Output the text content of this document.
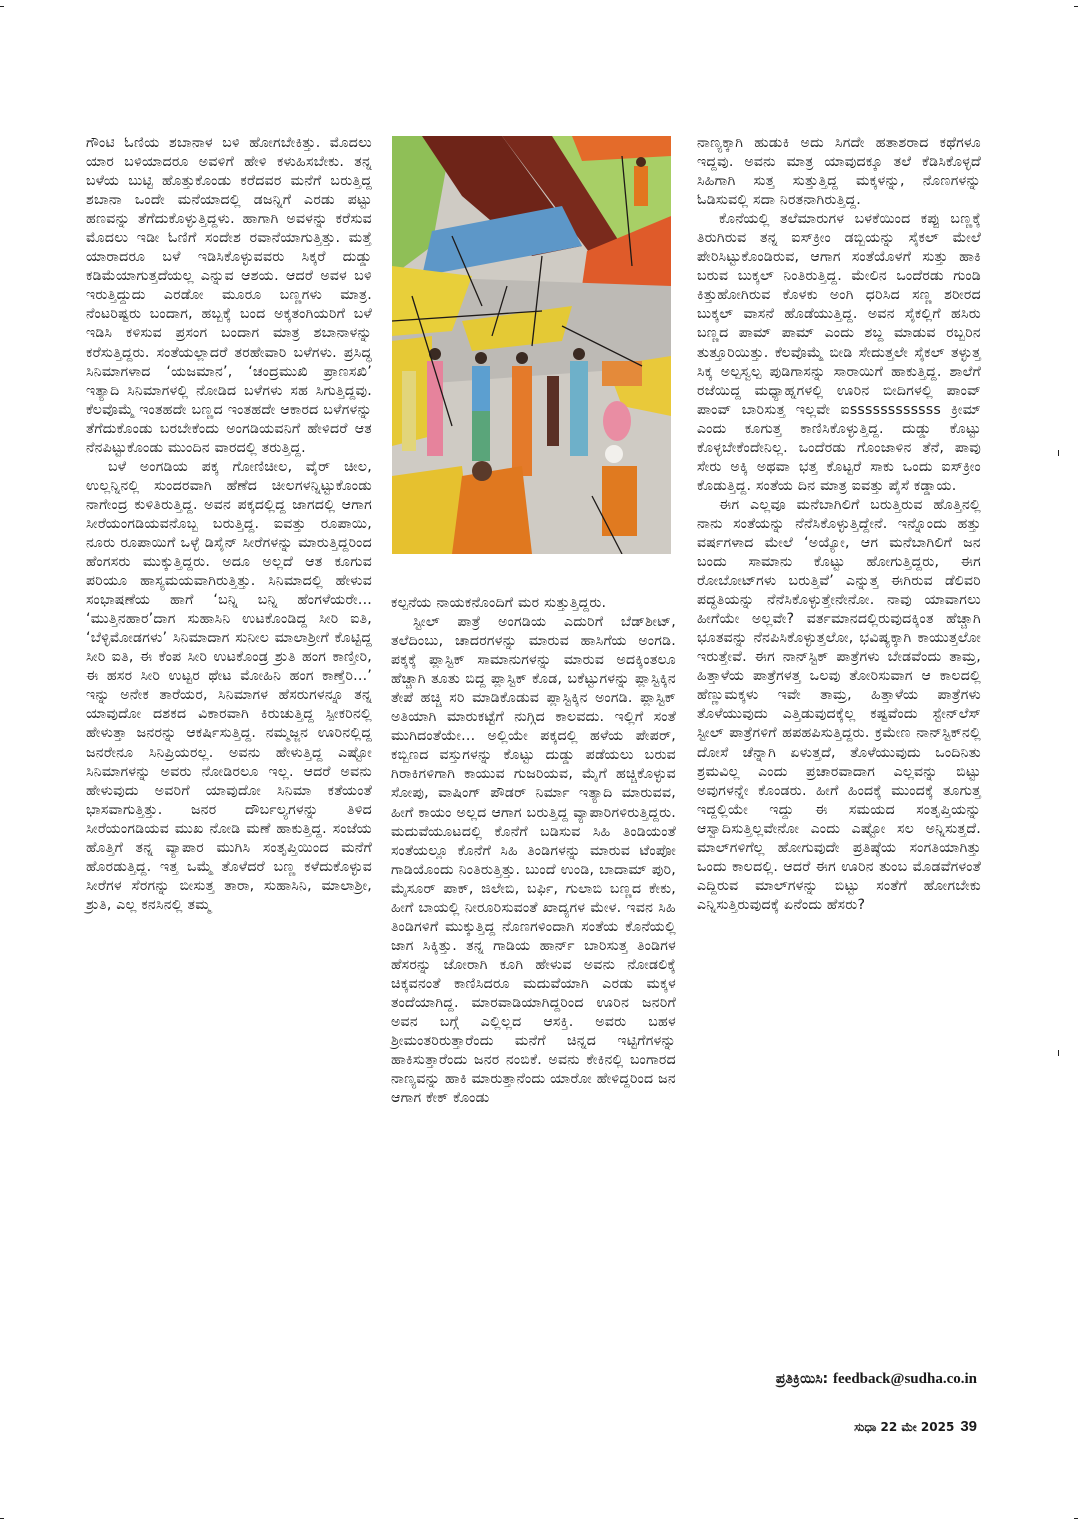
ಗೌಂಟಿ ಓಣಿಯ ಶಬಾನಾಳ ಬಳಿ ಹೋಗಬೇಕಿತ್ತು. ಮೊದಲು ಯಾರ ಬಳಿಯಾದರೂ ಅವಳಿಗೆ ಹೇಳಿ ಕಳುಹಿಸಬೇಕು. ತನ್ನ ಬಳೆಯ ಬುಟ್ಟಿ ಹೊತ್ತುಕೊಂಡು ಕರೆದವರ ಮನೆಗೆ ಬರುತ್ತಿದ್ದ ಶಬಾನಾ ಒಂದೇ ಮನೆಯಾದಲ್ಲಿ ಡಜನ್ನಿಗೆ ಎರಡು ಪಟ್ಟು ಹಣವನ್ನು ತೆಗೆದುಕೊಳ್ಳುತ್ತಿದ್ದಳು. ಹಾಗಾಗಿ ಅವಳನ್ನು ಕರೆಸುವ ಮೊದಲು ಇಡೀ ಓಣಿಗೆ ಸಂದೇಶ ರವಾನೆಯಾಗುತ್ತಿತ್ತು. ಮತ್ತೆ ಯಾರಾದರೂ ಬಳೆ ಇಡಿಸಿಕೊಳ್ಳುವವರು ಸಿಕ್ಕರೆ ದುಡ್ಡು ಕಡಿಮೆಯಾಗುತ್ತದೆಯಲ್ಲ ಎನ್ನುವ ಆಶಯ. ಆದರೆ ಅವಳ ಬಳಿ ಇರುತ್ತಿದ್ದುದು ಎರಡೋ ಮೂರೂ ಬಣ್ಣಗಳು ಮಾತ್ರ. ನೆಂಟರಿಷ್ಟರು ಬಂದಾಗ, ಹಬ್ಬಕ್ಕೆ ಬಂದ ಅಕ್ಕತಂಗಿಯರಿಗೆ ಬಳೆ ಇಡಿಸಿ ಕಳಿಸುವ ಪ್ರಸಂಗ ಬಂದಾಗ ಮಾತ್ರ ಶಬಾನಾಳನ್ನು ಕರೆಸುತ್ತಿದ್ದರು. ಸಂತೆಯಲ್ಲಾದರೆ ತರಹೇವಾರಿ ಬಳೆಗಳು. ಪ್ರಸಿದ್ಧ ಸಿನಿಮಾಗಳಾದ ‘ಯಜಮಾನ’, ‘ಚಂದ್ರಮುಖಿ ಪ್ರಾಣಸಖಿ’ ಇತ್ಯಾದಿ ಸಿನಿಮಾಗಳಲ್ಲಿ ನೋಡಿದ ಬಳೆಗಳು ಸಹ ಸಿಗುತ್ತಿದ್ದವು. ಕೆಲವೊಮ್ಮೆ ಇಂತಹದೇ ಬಣ್ಣದ ಇಂತಹದೇ ಆಕಾರದ ಬಳೆಗಳನ್ನು ತೆಗೆದುಕೊಂಡು ಬರಬೇಕೆಂದು ಅಂಗಡಿಯವನಿಗೆ ಹೇಳಿದರೆ ಆತ ನೆನಪಿಟ್ಟುಕೊಂಡು ಮುಂದಿನ ವಾರದಲ್ಲಿ ತರುತ್ತಿದ್ದ.

ಬಳೆ ಅಂಗಡಿಯ ಪಕ್ಕ ಗೋಣಿಚೀಲ, ವೈರ್ ಚೀಲ, ಉಲ್ಲನ್ನಿನಲ್ಲಿ ಸುಂದರವಾಗಿ ಹೆಣೆದ ಚೀಲಗಳನ್ನಿಟ್ಟುಕೊಂಡು ನಾಗೇಂದ್ರ ಕುಳಿತಿರುತ್ತಿದ್ದ. ಅವನ ಪಕ್ಕದಲ್ಲಿದ್ದ ಜಾಗದಲ್ಲಿ ಆಗಾಗ ಸೀರೆಯಂಗಡಿಯವನೊಬ್ಬ ಬರುತ್ತಿದ್ದ. ಐವತ್ತು ರೂಪಾಯಿ, ನೂರು ರೂಪಾಯಿಗೆ ಒಳ್ಳೆ ಡಿಸೈನ್ ಸೀರೆಗಳನ್ನು ಮಾರುತ್ತಿದ್ದರಿಂದ ಹೆಂಗಸರು ಮುಕ್ಕುತ್ತಿದ್ದರು. ಅದೂ ಅಲ್ಲದೆ ಆತ ಕೂಗುವ ಪರಿಯೂ ಹಾಸ್ಯಮಯವಾಗಿರುತ್ತಿತ್ತು. ಸಿನಿಮಾದಲ್ಲಿ ಹೇಳುವ ಸಂಭಾಷಣೆಯ ಹಾಗೆ ‘ಬನ್ನಿ ಬನ್ನಿ ಹೆಂಗಳೆಯರೇ... ‘ಮುತ್ತಿನಹಾರ’ದಾಗ ಸುಹಾಸಿನಿ ಉಟಕೊಂಡಿದ್ದ ಸೀರಿ ಐತಿ, ‘ಬೆಳ್ಳಿಮೋಡಗಳು’ ಸಿನಿಮಾದಾಗ ಸುನೀಲ ಮಾಲಾಶ್ರೀಗೆ ಕೊಟ್ಟಿದ್ದ ಸೀರಿ ಐತಿ, ಈ ಕೆಂಪ ಸೀರಿ ಉಟಕೊಂಡ್ರ ಶ್ರುತಿ ಹಂಗ ಕಾಣ್ತೀರಿ, ಈ ಹಸರ ಸೀರಿ ಉಟ್ಟರ ಥೇಟ ಮೋಹಿನಿ ಹಂಗ ಕಾಣ್ತೆರಿ...’ ಇನ್ನು ಅನೇಕ ತಾರೆಯರ, ಸಿನಿಮಾಗಳ ಹೆಸರುಗಳನ್ನೂ ತನ್ನ ಯಾವುದೋ ದಶಕದ ವಿಕಾರವಾಗಿ ಕಿರುಚುತ್ತಿದ್ದ ಸ್ಪೀಕರಿನಲ್ಲಿ ಹೇಳುತ್ತಾ ಜನರನ್ನು ಆಕರ್ಷಿಸುತ್ತಿದ್ದ. ನಮ್ಮಜ್ಜನ ಊರಿನಲ್ಲಿದ್ದ ಜನರೇನೂ ಸಿನಿಪ್ರಿಯರಲ್ಲ. ಅವನು ಹೇಳುತ್ತಿದ್ದ ಎಷ್ಟೋ ಸಿನಿಮಾಗಳನ್ನು ಅವರು ನೋಡಿರಲೂ ಇಲ್ಲ. ಆದರೆ ಅವನು ಹೇಳುವುದು ಅವರಿಗೆ ಯಾವುದೋ ಸಿನಿಮಾ ಕತೆಯಂತೆ ಭಾಸವಾಗುತ್ತಿತ್ತು. ಜನರ ದೌರ್ಬಲ್ಯಗಳನ್ನು ತಿಳಿದ ಸೀರೆಯಂಗಡಿಯವ ಮುಖ ನೋಡಿ ಮಣೆ ಹಾಕುತ್ತಿದ್ದ. ಸಂಜೆಯ ಹೊತ್ತಿಗೆ ತನ್ನ ವ್ಯಾಪಾರ ಮುಗಿಸಿ ಸಂತೃಪ್ತಿಯಿಂದ ಮನೆಗೆ ಹೊರಡುತ್ತಿದ್ದ. ಇತ್ತ ಒಮ್ಮೆ ತೊಳೆದರೆ ಬಣ್ಣ ಕಳೆದುಕೊಳ್ಳುವ ಸೀರೆಗಳ ಸೆರಗನ್ನು ಬೀಸುತ್ತ ತಾರಾ, ಸುಹಾಸಿನಿ, ಮಾಲಾಶ್ರೀ, ಶ್ರುತಿ, ಎಲ್ಲ ಕನಸಿನಲ್ಲಿ ತಮ್ಮ

ಕಲ್ಪನೆಯ ನಾಯಕನೊಂದಿಗೆ ಮರ ಸುತ್ತುತ್ತಿದ್ದರು.

ಸ್ಟೀಲ್ ಪಾತ್ರೆ ಅಂಗಡಿಯ ಎದುರಿಗೆ ಬೆಡ್‌ಶೀಟ್, ತಲೆದಿಂಬು, ಚಾದರಗಳನ್ನು ಮಾರುವ ಹಾಸಿಗೆಯ ಅಂಗಡಿ. ಪಕ್ಕಕ್ಕೆ ಪ್ಲಾಸ್ಟಿಕ್ ಸಾಮಾನುಗಳನ್ನು ಮಾರುವ ಅದಕ್ಕಿಂತಲೂ ಹೆಚ್ಚಾಗಿ ತೂತು ಬಿದ್ದ ಪ್ಲಾಸ್ಟಿಕ್ ಕೊಡ, ಬಕೆಟ್ಟುಗಳನ್ನು ಪ್ಲಾಸ್ಟಿಕ್ಕಿನ ತೇಪೆ ಹಚ್ಚಿ ಸರಿ ಮಾಡಿಕೊಡುವ ಪ್ಲಾಸ್ಟಿಕ್ಕಿನ ಅಂಗಡಿ. ಪ್ಲಾಸ್ಟಿಕ್ ಅತಿಯಾಗಿ ಮಾರುಕಟ್ಟೆಗೆ ನುಗ್ಗಿದ ಕಾಲವದು. ಇಲ್ಲಿಗೆ ಸಂತೆ ಮುಗಿದಂತೆಯೇ... ಅಲ್ಲಿಯೇ ಪಕ್ಕದಲ್ಲಿ ಹಳೆಯ ಪೇಪರ್, ಕಬ್ಬಿಣದ ವಸ್ತುಗಳನ್ನು ಕೊಟ್ಟು ದುಡ್ಡು ಪಡೆಯಲು ಬರುವ ಗಿರಾಕಿಗಳಿಗಾಗಿ ಕಾಯುವ ಗುಜರಿಯವ, ಮೈಗೆ ಹಚ್ಚಿಕೊಳ್ಳುವ ಸೋಪು, ವಾಷಿಂಗ್ ಪೌಡರ್ ನಿರ್ಮಾ ಇತ್ಯಾದಿ ಮಾರುವವ, ಹೀಗೆ ಕಾಯಂ ಅಲ್ಲದ ಆಗಾಗ ಬರುತ್ತಿದ್ದ ವ್ಯಾಪಾರಿಗಳಿರುತ್ತಿದ್ದರು. ಮದುವೆಯೂಟದಲ್ಲಿ ಕೊನೆಗೆ ಬಡಿಸುವ ಸಿಹಿ ತಿಂಡಿಯಂತೆ ಸಂತೆಯಲ್ಲೂ ಕೊನೆಗೆ ಸಿಹಿ ತಿಂಡಿಗಳನ್ನು ಮಾರುವ ಟೆಂಪೋ ಗಾಡಿಯೊಂದು ನಿಂತಿರುತ್ತಿತ್ತು. ಬುಂದೆ ಉಂಡಿ, ಬಾದಾಮ್ ಪುರಿ, ಮೈಸೂರ್ ಪಾಕ್, ಜಿಲೇಬಿ, ಬರ್ಫಿ, ಗುಲಾಬಿ ಬಣ್ಣದ ಕೇಕು, ಹೀಗೆ ಬಾಯಲ್ಲಿ ನೀರೂರಿಸುವಂತೆ ಖಾದ್ಯಗಳ ಮೇಳ. ಇವನ ಸಿಹಿ ತಿಂಡಿಗಳಿಗೆ ಮುಕ್ಕುತ್ತಿದ್ದ ನೊಣಗಳಿಂದಾಗಿ ಸಂತೆಯ ಕೊನೆಯಲ್ಲಿ ಜಾಗ ಸಿಕ್ಕಿತ್ತು. ತನ್ನ ಗಾಡಿಯ ಹಾರ್ನ್ ಬಾರಿಸುತ್ತ ತಿಂಡಿಗಳ ಹೆಸರನ್ನು ಜೋರಾಗಿ ಕೂಗಿ ಹೇಳುವ ಅವನು ನೋಡಲಿಕ್ಕೆ ಚಿಕ್ಕವನಂತೆ ಕಾಣಿಸಿದರೂ ಮದುವೆಯಾಗಿ ಎರಡು ಮಕ್ಕಳ ತಂದೆಯಾಗಿದ್ದ. ಮಾರವಾಡಿಯಾಗಿದ್ದರಿಂದ ಊರಿನ ಜನರಿಗೆ ಅವನ ಬಗ್ಗೆ ಎಲ್ಲಿಲ್ಲದ ಆಸಕ್ತಿ. ಅವರು ಬಹಳ ಶ್ರೀಮಂತರಿರುತ್ತಾರೆಂದು ಮನೆಗೆ ಚಿನ್ನದ ಇಟ್ಟಿಗೆಗಳನ್ನು ಹಾಕಿಸುತ್ತಾರೆಂದು ಜನರ ನಂಬಿಕೆ. ಅವನು ಕೇಕಿನಲ್ಲಿ ಬಂಗಾರದ ನಾಣ್ಯವನ್ನು ಹಾಕಿ ಮಾರುತ್ತಾನೆಂದು ಯಾರೋ ಹೇಳಿದ್ದರಿಂದ ಜನ ಆಗಾಗ ಕೇಕ್ ಕೊಂಡು

ನಾಣ್ಯಕ್ಕಾಗಿ ಹುಡುಕಿ ಅದು ಸಿಗದೇ ಹತಾಶರಾದ ಕಥೆಗಳೂ ಇದ್ದವು. ಅವನು ಮಾತ್ರ ಯಾವುದಕ್ಕೂ ತಲೆ ಕೆಡಿಸಿಕೊಳ್ಳದೆ ಸಿಹಿಗಾಗಿ ಸುತ್ತ ಸುತ್ತುತ್ತಿದ್ದ ಮಕ್ಕಳನ್ನು, ನೊಣಗಳನ್ನು ಓಡಿಸುವಲ್ಲಿ ಸದಾ ನಿರತನಾಗಿರುತ್ತಿದ್ದ.

ಕೊನೆಯಲ್ಲಿ ತಲೆಮಾರುಗಳ ಬಳಕೆಯಿಂದ ಕಪ್ಪು ಬಣ್ಣಕ್ಕೆ ತಿರುಗಿರುವ ತನ್ನ ಐಸ್‌ಕ್ರೀಂ ಡಬ್ಬಿಯನ್ನು ಸೈಕಲ್ ಮೇಲೆ ಪೇರಿಸಿಟ್ಟುಕೊಂಡಿರುವ, ಆಗಾಗ ಸಂತೆಯೊಳಗೆ ಸುತ್ತು ಹಾಕಿ ಬರುವ ಬುಕ್ಕಲ್ ನಿಂತಿರುತ್ತಿದ್ದ. ಮೇಲಿನ ಒಂದೆರಡು ಗುಂಡಿ ಕಿತ್ತುಹೋಗಿರುವ ಕೊಳಕು ಅಂಗಿ ಧರಿಸಿದ ಸಣ್ಣ ಶರೀರದ ಬುಕ್ಕಲ್ ವಾಸನೆ ಹೊಡೆಯುತ್ತಿದ್ದ. ಅವನ ಸೈಕಲ್ಲಿಗೆ ಹಸಿರು ಬಣ್ಣದ ಪಾಮ್ ಪಾಮ್ ಎಂದು ಶಬ್ದ ಮಾಡುವ ರಬ್ಬರಿನ ತುತ್ತೂರಿಯಿತ್ತು. ಕೆಲವೊಮ್ಮೆ ಬೀಡಿ ಸೇದುತ್ತಲೇ ಸೈಕಲ್ ತಳ್ಳುತ್ತ ಸಿಕ್ಕ ಅಲ್ಪಸ್ವಲ್ಪ ಪುಡಿಗಾಸನ್ನು ಸಾರಾಯಿಗೆ ಹಾಕುತ್ತಿದ್ದ. ಶಾಲೆಗೆ ರಜೆಯಿದ್ದ ಮಧ್ಯಾಹ್ನಗಳಲ್ಲಿ ಊರಿನ ಬೀದಿಗಳಲ್ಲಿ ಪಾಂವ್ ಪಾಂವ್ ಬಾರಿಸುತ್ತ ಇಲ್ಲವೇ ಐssssssssssss ಕ್ರೀಮ್ ಎಂದು ಕೂಗುತ್ತ ಕಾಣಿಸಿಕೊಳ್ಳುತ್ತಿದ್ದ. ದುಡ್ಡು ಕೊಟ್ಟು ಕೊಳ್ಳಬೇಕೆಂದೇನಿಲ್ಲ. ಒಂದೆರಡು ಗೊಂಜಾಳಿನ ತೆನೆ, ಪಾವು ಸೇರು ಅಕ್ಕಿ ಅಥವಾ ಭತ್ತ ಕೊಟ್ಟರೆ ಸಾಕು ಒಂದು ಐಸ್‌ಕ್ರೀಂ ಕೊಡುತ್ತಿದ್ದ. ಸಂತೆಯ ದಿನ ಮಾತ್ರ ಐವತ್ತು ಪೈಸೆ ಕಡ್ಡಾಯ.

ಈಗ ಎಲ್ಲವೂ ಮನೆಬಾಗಿಲಿಗೆ ಬರುತ್ತಿರುವ ಹೊತ್ತಿನಲ್ಲಿ ನಾನು ಸಂತೆಯನ್ನು ನೆನೆಸಿಕೊಳ್ಳುತ್ತಿದ್ದೇನೆ. ಇನ್ನೊಂದು ಹತ್ತು ವರ್ಷಗಳಾದ ಮೇಲೆ ‘ಅಯ್ಯೋ, ಆಗ ಮನೆಬಾಗಿಲಿಗೆ ಜನ ಬಂದು ಸಾಮಾನು ಕೊಟ್ಟು ಹೋಗುತ್ತಿದ್ದರು, ಈಗ ರೋಬೋಟ್‌ಗಳು ಬರುತ್ತಿವೆ’ ಎನ್ನುತ್ತ ಈಗಿರುವ ಡೆಲಿವರಿ ಪದ್ಧತಿಯನ್ನು ನೆನೆಸಿಕೊಳ್ಳುತ್ತೇನೇನೋ. ನಾವು ಯಾವಾಗಲು ಹೀಗೆಯೇ ಅಲ್ಲವೇ? ವರ್ತಮಾನದಲ್ಲಿರುವುದಕ್ಕಿಂತ ಹೆಚ್ಚಾಗಿ ಭೂತವನ್ನು ನೆನಪಿಸಿಕೊಳ್ಳುತ್ತಲೋ, ಭವಿಷ್ಯಕ್ಕಾಗಿ ಕಾಯುತ್ತಲೋ ಇರುತ್ತೇವೆ. ಈಗ ನಾನ್‌ಸ್ಟಿಕ್ ಪಾತ್ರೆಗಳು ಬೇಡವೆಂದು ತಾಮ್ರ, ಹಿತ್ತಾಳೆಯ ಪಾತ್ರೆಗಳತ್ತ ಒಲವು ತೋರಿಸುವಾಗ ಆ ಕಾಲದಲ್ಲಿ ಹೆಣ್ಣುಮಕ್ಕಳು ಇವೇ ತಾಮ್ರ, ಹಿತ್ತಾಳೆಯ ಪಾತ್ರೆಗಳು ತೊಳೆಯುವುದು ಎತ್ತಿಡುವುದಕ್ಕೆಲ್ಲ ಕಷ್ಟವೆಂದು ಸ್ಟೇನ್‌ಲೆಸ್ ಸ್ಟೀಲ್ ಪಾತ್ರೆಗಳಿಗೆ ಹಪಹಪಿಸುತ್ತಿದ್ದರು. ಕ್ರಮೇಣ ನಾನ್‌ಸ್ಟಿಕ್‌ನಲ್ಲಿ ದೋಸೆ ಚೆನ್ನಾಗಿ ಏಳುತ್ತದೆ, ತೊಳೆಯುವುದು ಒಂದಿನಿತು ಶ್ರಮವಿಲ್ಲ ಎಂದು ಪ್ರಚಾರವಾದಾಗ ಎಲ್ಲವನ್ನು ಬಿಟ್ಟು ಅವುಗಳನ್ನೇ ಕೊಂಡರು. ಹೀಗೆ ಹಿಂದಕ್ಕೆ ಮುಂದಕ್ಕೆ ತೂಗುತ್ತ ಇದ್ದಲ್ಲಿಯೇ ಇದ್ದು ಈ ಸಮಯದ ಸಂತೃಪ್ತಿಯನ್ನು ಆಸ್ವಾದಿಸುತ್ತಿಲ್ಲವೇನೋ ಎಂದು ಎಷ್ಟೋ ಸಲ ಅನ್ನಿಸುತ್ತದೆ. ಮಾಲ್‌ಗಳಿಗೆಲ್ಲ ಹೋಗುವುದೇ ಪ್ರತಿಷ್ಠೆಯ ಸಂಗತಿಯಾಗಿತ್ತು ಒಂದು ಕಾಲದಲ್ಲಿ. ಆದರೆ ಈಗ ಊರಿನ ತುಂಬ ಮೊಡವೆಗಳಂತೆ ಎದ್ದಿರುವ ಮಾಲ್‌ಗಳನ್ನು ಬಿಟ್ಟು ಸಂತೆಗೆ ಹೋಗಬೇಕು ಎನ್ನಿಸುತ್ತಿರುವುದಕ್ಕೆ ಏನೆಂದು ಹೆಸರು?

ಪ್ರತಿಕ್ರಿಯಿಸಿ: feedback@sudha.co.in
ಸುಧಾ 22 ಮೇ 2025 39
